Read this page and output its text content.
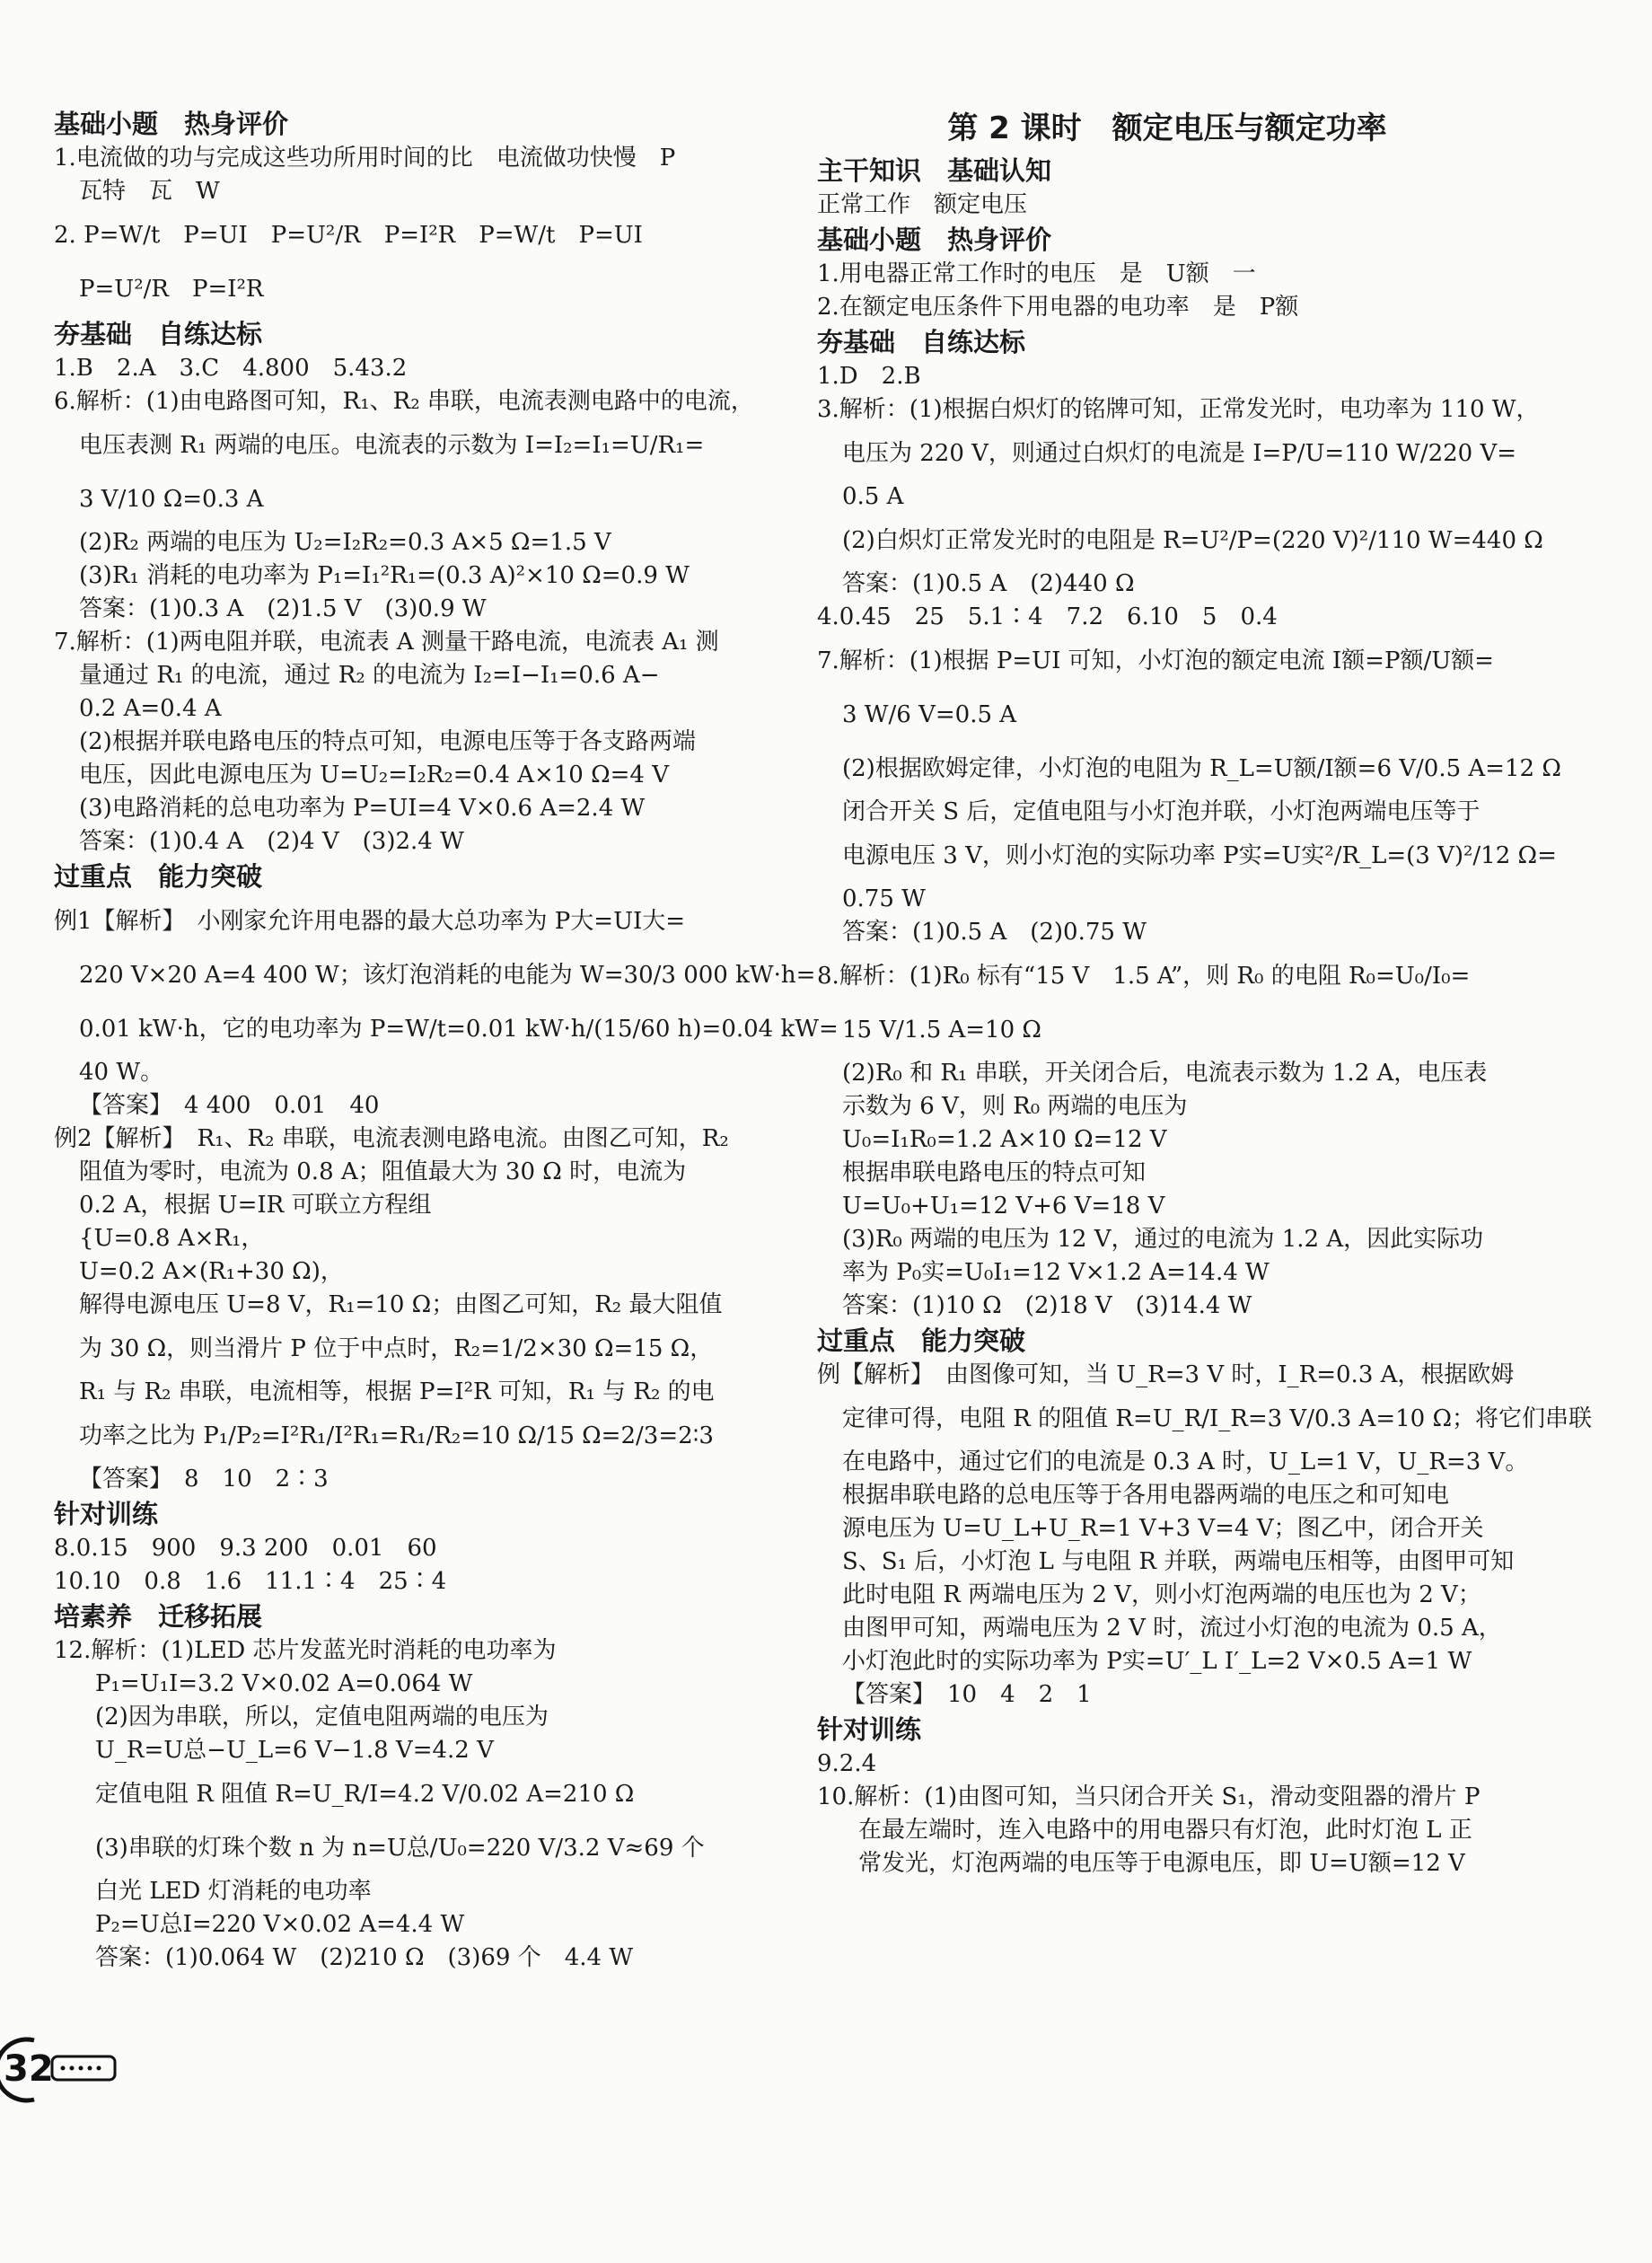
基础小题　热身评价
1.电流做的功与完成这些功所用时间的比　电流做功快慢　P
瓦特　瓦　W
2. P=W/t　P=UI　P=U²/R　P=I²R　P=W/t　P=UI
P=U²/R　P=I²R
夯基础　自练达标
1.B　2.A　3.C　4.800　5.43.2
6.解析：(1)由电路图可知，R₁、R₂ 串联，电流表测电路中的电流，
电压表测 R₁ 两端的电压。电流表的示数为 I=I₂=I₁=U/R₁=
3 V/10 Ω=0.3 A
(2)R₂ 两端的电压为 U₂=I₂R₂=0.3 A×5 Ω=1.5 V
(3)R₁ 消耗的电功率为 P₁=I₁²R₁=(0.3 A)²×10 Ω=0.9 W
答案：(1)0.3 A　(2)1.5 V　(3)0.9 W
7.解析：(1)两电阻并联，电流表 A 测量干路电流，电流表 A₁ 测
量通过 R₁ 的电流，通过 R₂ 的电流为 I₂=I−I₁=0.6 A−
0.2 A=0.4 A
(2)根据并联电路电压的特点可知，电源电压等于各支路两端
电压，因此电源电压为 U=U₂=I₂R₂=0.4 A×10 Ω=4 V
(3)电路消耗的总电功率为 P=UI=4 V×0.6 A=2.4 W
答案：(1)0.4 A　(2)4 V　(3)2.4 W
过重点　能力突破
例1【解析】　小刚家允许用电器的最大总功率为 P大=UI大=
220 V×20 A=4 400 W；该灯泡消耗的电能为 W=30/3 000 kW·h=
0.01 kW·h，它的电功率为 P=W/t=0.01 kW·h/(15/60 h)=0.04 kW=
40 W。
【答案】　4 400　0.01　40
例2【解析】　R₁、R₂ 串联，电流表测电路电流。由图乙可知，R₂
阻值为零时，电流为 0.8 A；阻值最大为 30 Ω 时，电流为
0.2 A，根据 U=IR 可联立方程组
{U=0.8 A×R₁，
U=0.2 A×(R₁+30 Ω)，
解得电源电压 U=8 V，R₁=10 Ω；由图乙可知，R₂ 最大阻值
为 30 Ω，则当滑片 P 位于中点时，R₂=1/2×30 Ω=15 Ω，
R₁ 与 R₂ 串联，电流相等，根据 P=I²R 可知，R₁ 与 R₂ 的电
功率之比为 P₁/P₂=I²R₁/I²R₁=R₁/R₂=10 Ω/15 Ω=2/3=2∶3
【答案】　8　10　2∶3
针对训练
8.0.15　900　9.3 200　0.01　60
10.10　0.8　1.6　11.1∶4　25∶4
培素养　迁移拓展
12.解析：(1)LED 芯片发蓝光时消耗的电功率为
P₁=U₁I=3.2 V×0.02 A=0.064 W
(2)因为串联，所以，定值电阻两端的电压为
U_R=U总−U_L=6 V−1.8 V=4.2 V
定值电阻 R 阻值 R=U_R/I=4.2 V/0.02 A=210 Ω
(3)串联的灯珠个数 n 为 n=U总/U₀=220 V/3.2 V≈69 个
白光 LED 灯消耗的电功率
P₂=U总I=220 V×0.02 A=4.4 W
答案：(1)0.064 W　(2)210 Ω　(3)69 个　4.4 W
第 2 课时　额定电压与额定功率
主干知识　基础认知
正常工作　额定电压
基础小题　热身评价
1.用电器正常工作时的电压　是　U额　一
2.在额定电压条件下用电器的电功率　是　P额
夯基础　自练达标
1.D　2.B
3.解析：(1)根据白炽灯的铭牌可知，正常发光时，电功率为 110 W，
电压为 220 V，则通过白炽灯的电流是 I=P/U=110 W/220 V=
0.5 A
(2)白炽灯正常发光时的电阻是 R=U²/P=(220 V)²/110 W=440 Ω
答案：(1)0.5 A　(2)440 Ω
4.0.45　25　5.1∶4　7.2　6.10　5　0.4
7.解析：(1)根据 P=UI 可知，小灯泡的额定电流 I额=P额/U额=
3 W/6 V=0.5 A
(2)根据欧姆定律，小灯泡的电阻为 R_L=U额/I额=6 V/0.5 A=12 Ω
闭合开关 S 后，定值电阻与小灯泡并联，小灯泡两端电压等于
电源电压 3 V，则小灯泡的实际功率 P实=U实²/R_L=(3 V)²/12 Ω=
0.75 W
答案：(1)0.5 A　(2)0.75 W
8.解析：(1)R₀ 标有“15 V　1.5 A”，则 R₀ 的电阻 R₀=U₀/I₀=
15 V/1.5 A=10 Ω
(2)R₀ 和 R₁ 串联，开关闭合后，电流表示数为 1.2 A，电压表
示数为 6 V，则 R₀ 两端的电压为
U₀=I₁R₀=1.2 A×10 Ω=12 V
根据串联电路电压的特点可知
U=U₀+U₁=12 V+6 V=18 V
(3)R₀ 两端的电压为 12 V，通过的电流为 1.2 A，因此实际功
率为 P₀实=U₀I₁=12 V×1.2 A=14.4 W
答案：(1)10 Ω　(2)18 V　(3)14.4 W
过重点　能力突破
例【解析】　由图像可知，当 U_R=3 V 时，I_R=0.3 A，根据欧姆
定律可得，电阻 R 的阻值 R=U_R/I_R=3 V/0.3 A=10 Ω；将它们串联
在电路中，通过它们的电流是 0.3 A 时，U_L=1 V，U_R=3 V。
根据串联电路的总电压等于各用电器两端的电压之和可知电
源电压为 U=U_L+U_R=1 V+3 V=4 V；图乙中，闭合开关
S、S₁ 后，小灯泡 L 与电阻 R 并联，两端电压相等，由图甲可知
此时电阻 R 两端电压为 2 V，则小灯泡两端的电压也为 2 V；
由图甲可知，两端电压为 2 V 时，流过小灯泡的电流为 0.5 A，
小灯泡此时的实际功率为 P实=U′_L I′_L=2 V×0.5 A=1 W
【答案】　10　4　2　1
针对训练
9.2.4
10.解析：(1)由图可知，当只闭合开关 S₁，滑动变阻器的滑片 P
在最左端时，连入电路中的用电器只有灯泡，此时灯泡 L 正
常发光，灯泡两端的电压等于电源电压，即 U=U额=12 V
32
